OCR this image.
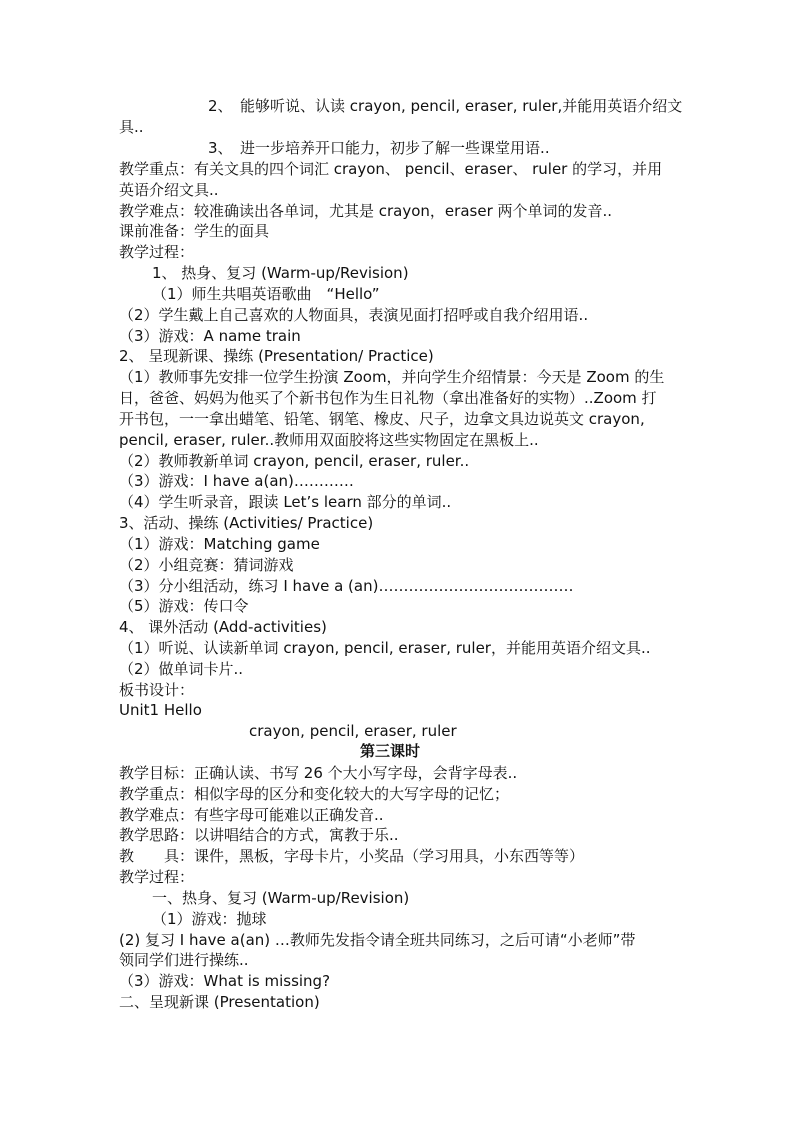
2、　能够听说、认读 crayon, pencil, eraser, ruler,并能用英语介绍文
具..
3、　进一步培养开口能力，初步了解一些课堂用语..
教学重点：有关文具的四个词汇 crayon、 pencil、eraser、 ruler 的学习，并用
英语介绍文具..
教学难点：较准确读出各单词，尤其是 crayon，eraser 两个单词的发音..
课前准备：学生的面具
教学过程：
1、 热身、复习 (Warm-up/Revision)
（1）师生共唱英语歌曲　“Hello”
（2）学生戴上自己喜欢的人物面具，表演见面打招呼或自我介绍用语..
（3）游戏：A name train
2、 呈现新课、操练 (Presentation/ Practice)
（1）教师事先安排一位学生扮演 Zoom，并向学生介绍情景：今天是 Zoom 的生
日，爸爸、妈妈为他买了个新书包作为生日礼物（拿出准备好的实物）..Zoom 打
开书包，一一拿出蜡笔、铅笔、钢笔、橡皮、尺子，边拿文具边说英文 crayon,
pencil, eraser, ruler..教师用双面胶将这些实物固定在黑板上..
（2）教师教新单词 crayon, pencil, eraser, ruler..
（3）游戏：I have a(an)…………
（4）学生听录音，跟读 Let’s learn 部分的单词..
3、活动、操练 (Activities/ Practice)
（1）游戏：Matching game
（2）小组竞赛：猜词游戏
（3）分小组活动，练习 I have a (an)…………………………………
（5）游戏：传口令
4、 课外活动 (Add-activities)
（1）听说、认读新单词 crayon, pencil, eraser, ruler，并能用英语介绍文具..
（2）做单词卡片..
板书设计：
Unit1 Hello
crayon, pencil, eraser, ruler
第三课时
教学目标：正确认读、书写 26 个大小写字母，会背字母表..
教学重点：相似字母的区分和变化较大的大写字母的记忆；
教学难点：有些字母可能难以正确发音..
教学思路：以讲唱结合的方式，寓教于乐..
教　　具：课件，黑板，字母卡片，小奖品（学习用具，小东西等等）
教学过程：
一、热身、复习 (Warm-up/Revision)
（1）游戏：抛球
(2) 复习 I have a(an) …教师先发指令请全班共同练习，之后可请“小老师”带
领同学们进行操练..
（3）游戏：What is missing?
二、呈现新课 (Presentation)
